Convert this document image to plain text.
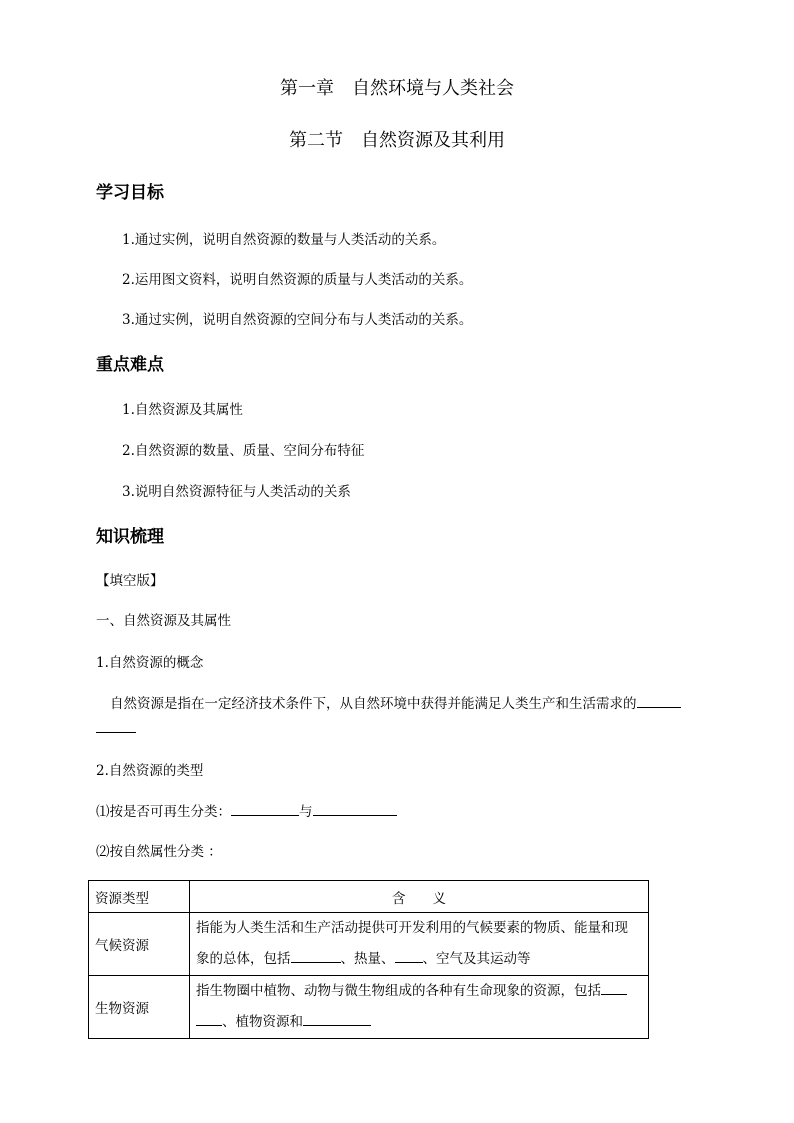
第一章　自然环境与人类社会
第二节　自然资源及其利用
学习目标
1.通过实例，说明自然资源的数量与人类活动的关系。
2.运用图文资料，说明自然资源的质量与人类活动的关系。
3.通过实例，说明自然资源的空间分布与人类活动的关系。
重点难点
1.自然资源及其属性
2.自然资源的数量、质量、空间分布特征
3.说明自然资源特征与人类活动的关系
知识梳理
【填空版】
一、自然资源及其属性
1.自然资源的概念
自然资源是指在一定经济技术条件下，从自然环境中获得并能满足人类生产和生活需求的
2.自然资源的类型
⑴按是否可再生分类：	与
⑵按自然属性分类 ：
资源类型	含　　义
气候资源	指能为人类生活和生产活动提供可开发利用的气候要素的物质、能量和现

象的总体，包括 、热量、 、空气及其运动等

生物资源	指生物圈中植物、动物与微生物组成的各种有生命现象的资源，包括

、植物资源和
